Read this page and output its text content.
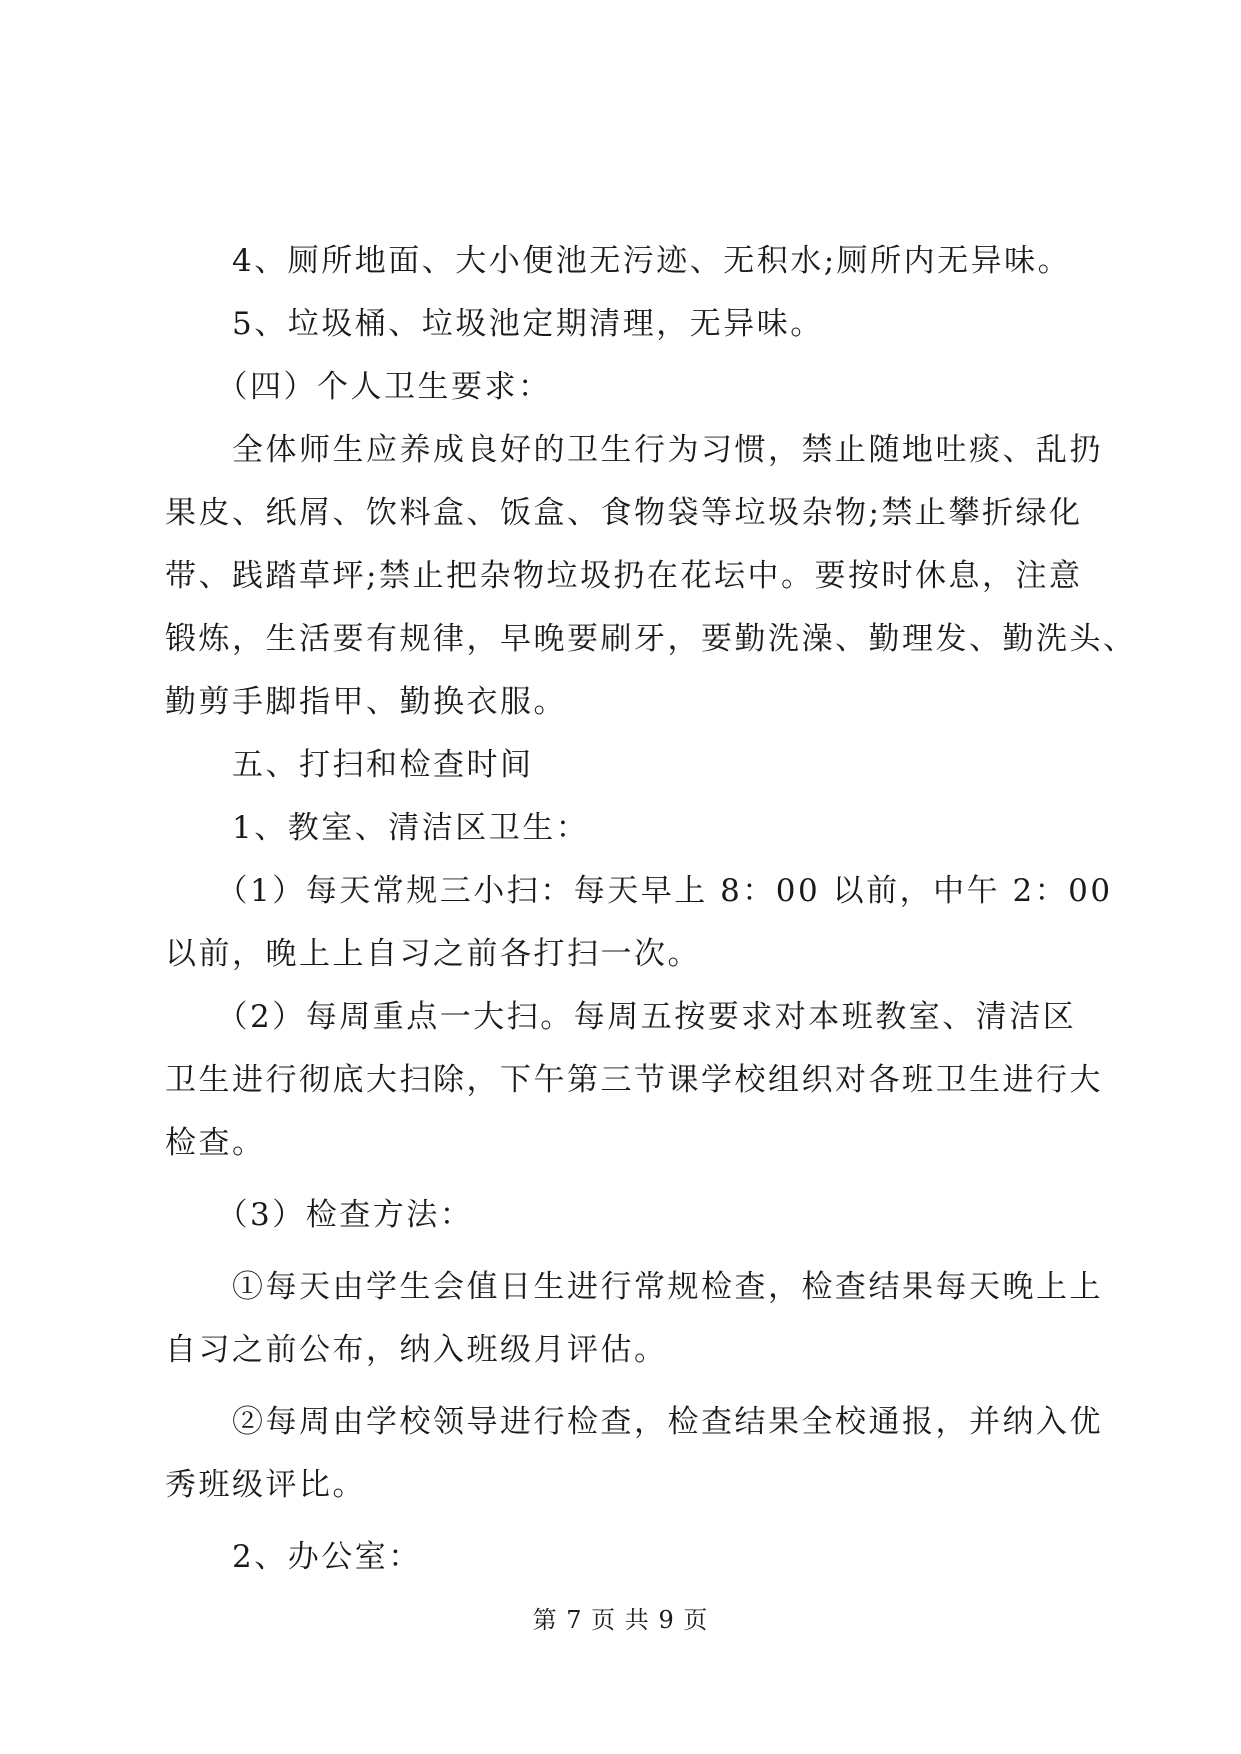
　　4、厕所地面、大小便池无污迹、无积水;厕所内无异味。
　　5、垃圾桶、垃圾池定期清理，无异味。
　　（四）个人卫生要求：
　　全体师生应养成良好的卫生行为习惯，禁止随地吐痰、乱扔
果皮、纸屑、饮料盒、饭盒、食物袋等垃圾杂物;禁止攀折绿化
带、践踏草坪;禁止把杂物垃圾扔在花坛中。要按时休息，注意
锻炼，生活要有规律，早晚要刷牙，要勤洗澡、勤理发、勤洗头、
勤剪手脚指甲、勤换衣服。
　　五、打扫和检查时间
　　1、教室、清洁区卫生：
　　（1）每天常规三小扫：每天早上 8：00 以前，中午 2：00
以前，晚上上自习之前各打扫一次。
　　（2）每周重点一大扫。每周五按要求对本班教室、清洁区
卫生进行彻底大扫除，下午第三节课学校组织对各班卫生进行大
检查。
　　（3）检查方法：
　　①每天由学生会值日生进行常规检查，检查结果每天晚上上
自习之前公布，纳入班级月评估。
　　②每周由学校领导进行检查，检查结果全校通报，并纳入优
秀班级评比。
　　2、办公室：
第 7 页 共 9 页
